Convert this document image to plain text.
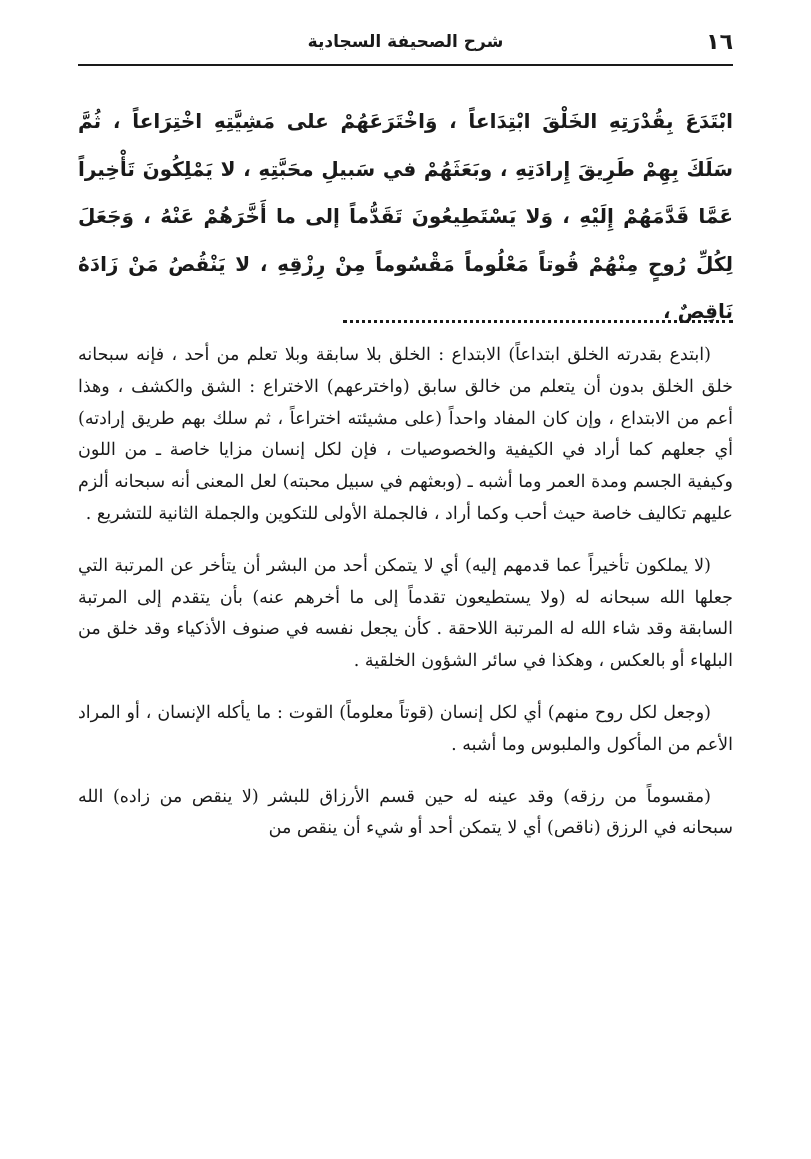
١٦
شرح الصحيفة السجادية
ابْتَدَعَ بِقُدْرَتِهِ الخَلْقَ ابْتِدَاعاً ، وَاخْتَرَعَهُمْ على مَشِيَّتِهِ اخْتِرَاعاً ، ثُمَّ سَلَكَ بِهِمْ طَرِيقَ إِرادَتِهِ ، وبَعَثَهُمْ في سَبيلِ محَبَّتِهِ ، لا يَمْلِكُونَ تَأْخِيراً عَمَّا قَدَّمَهُمْ إِلَيْهِ ، وَلا يَسْتَطِيعُونَ تَقَدُّماً إلى ما أَخَّرَهُمْ عَنْهُ ، وَجَعَلَ لِكُلِّ رُوحٍ مِنْهُمْ قُوتاً مَعْلُوماً مَقْسُوماً مِنْ رِزْقِهِ ، لا يَنْقُصُ مَنْ زَادَهُ نَاقِصٌ ،

(ابتدع بقدرته الخلق ابتداعاً) الابتداع : الخلق بلا سابقة وبلا تعلم من أحد ، فإنه سبحانه خلق الخلق بدون أن يتعلم من خالق سابق (واخترعهم) الاختراع : الشق والكشف ، وهذا أعم من الابتداع ، وإن كان المفاد واحداً (على مشيئته اختراعاً ، ثم سلك بهم طريق إرادته) أي جعلهم كما أراد في الكيفية والخصوصيات ، فإن لكل إنسان مزايا خاصة ـ من اللون وكيفية الجسم ومدة العمر وما أشبه ـ (وبعثهم في سبيل محبته) لعل المعنى أنه سبحانه ألزم عليهم تكاليف خاصة حيث أحب وكما أراد ، فالجملة الأولى للتكوين والجملة الثانية للتشريع .

(لا يملكون تأخيراً عما قدمهم إليه) أي لا يتمكن أحد من البشر أن يتأخر عن المرتبة التي جعلها الله سبحانه له (ولا يستطيعون تقدماً إلى ما أخرهم عنه) بأن يتقدم إلى المرتبة السابقة وقد شاء الله له المرتبة اللاحقة . كأن يجعل نفسه في صنوف الأذكياء وقد خلق من البلهاء أو بالعكس ، وهكذا في سائر الشؤون الخلقية .

(وجعل لكل روح منهم) أي لكل إنسان (قوتاً معلوماً) القوت : ما يأكله الإنسان ، أو المراد الأعم من المأكول والملبوس وما أشبه .

(مقسوماً من رزقه) وقد عينه له حين قسم الأرزاق للبشر (لا ينقص من زاده) الله سبحانه في الرزق (ناقص) أي لا يتمكن أحد أو شيء أن ينقص من
